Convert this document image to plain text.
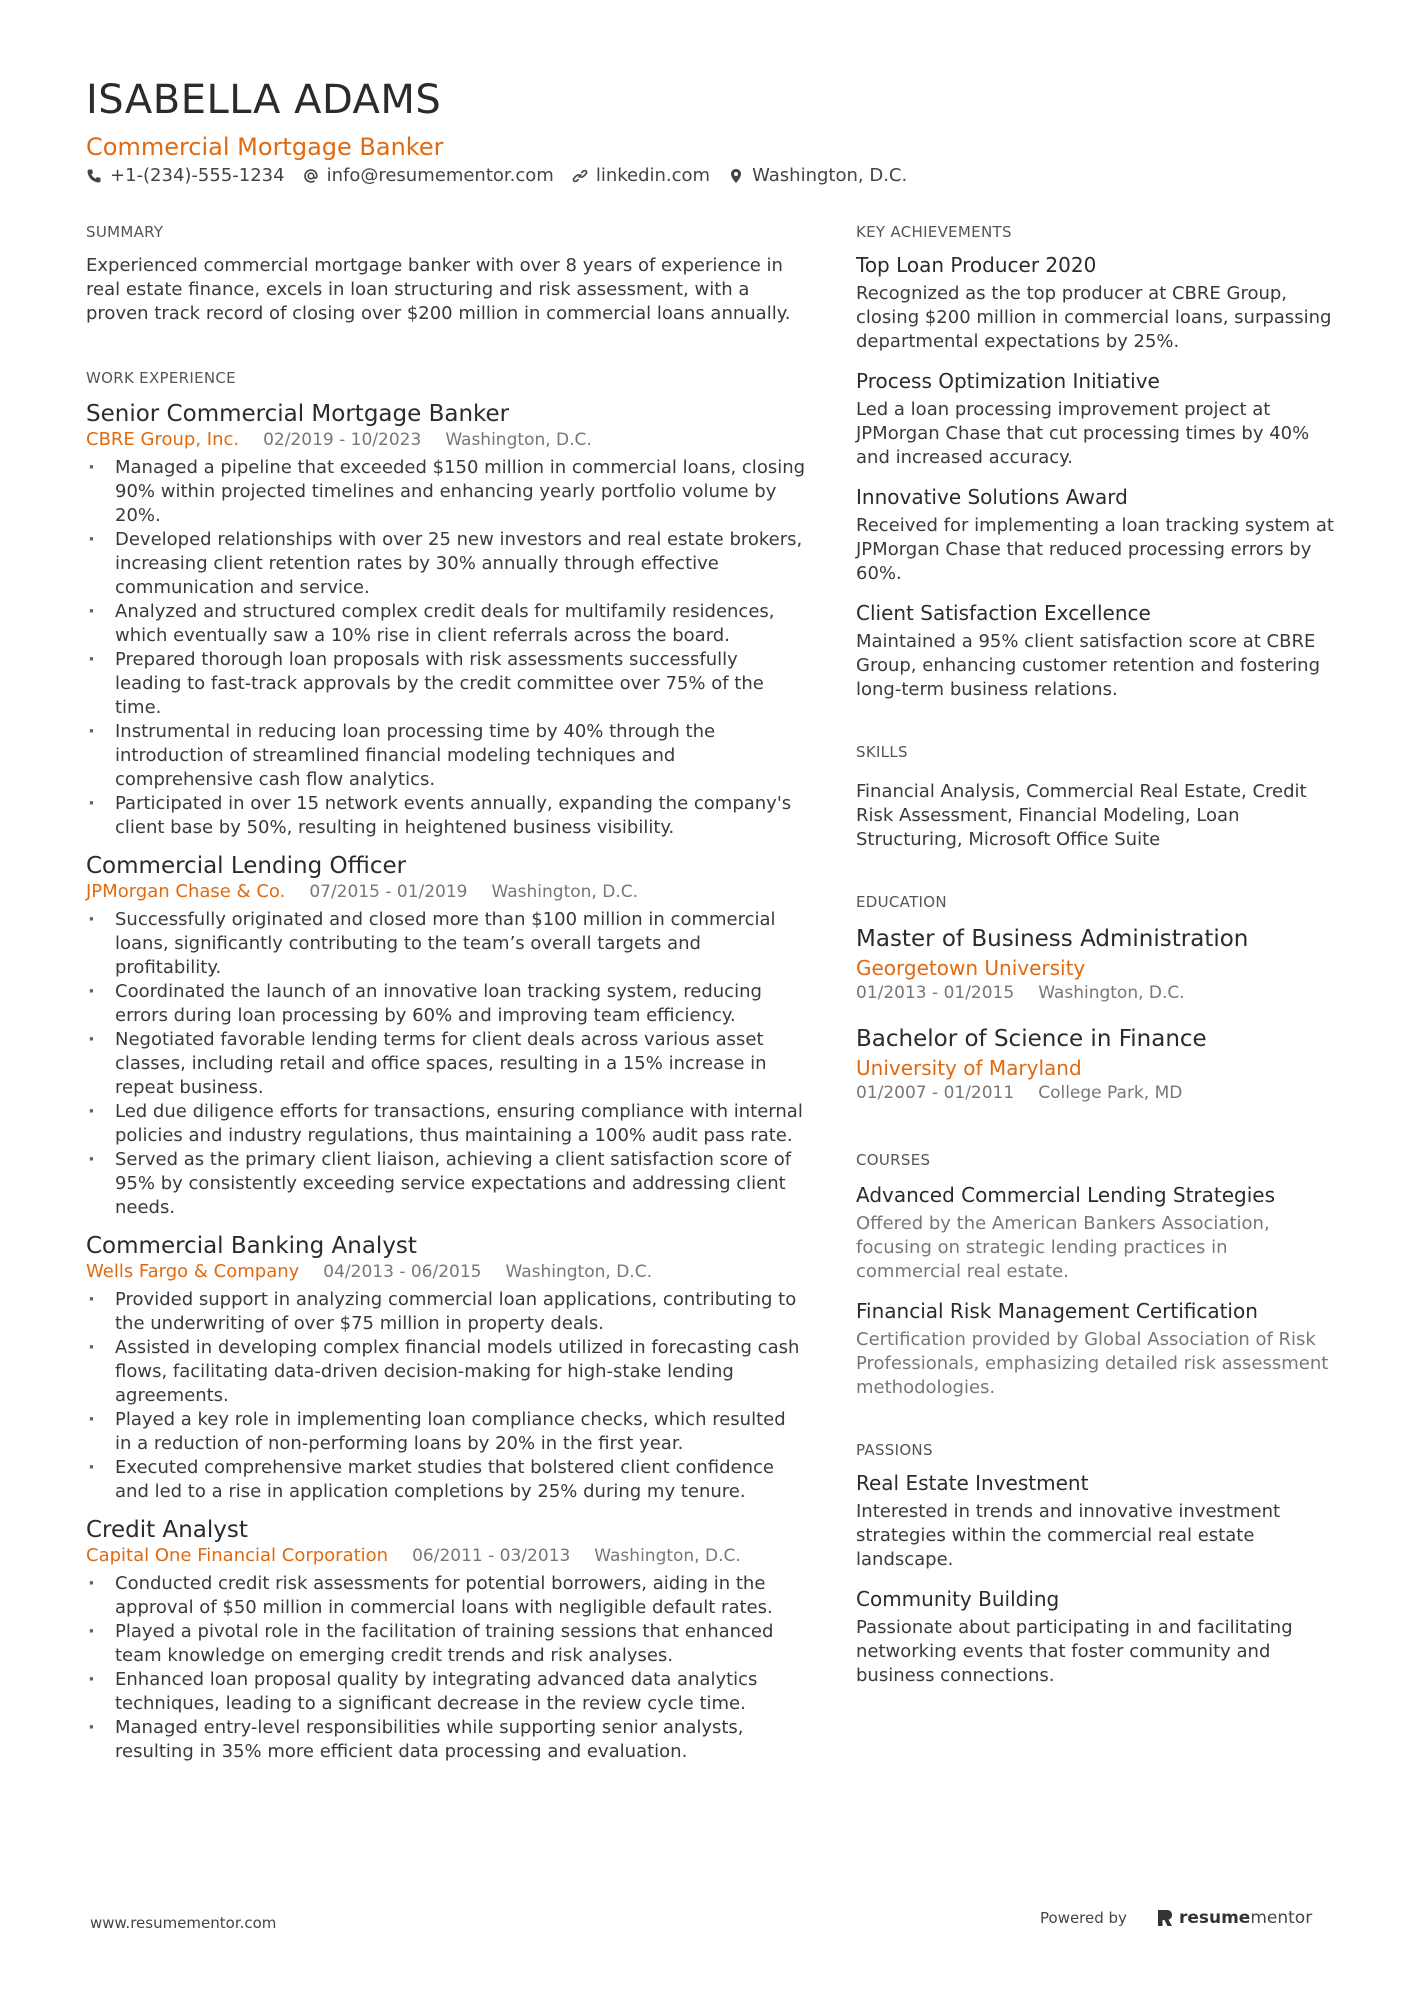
ISABELLA ADAMS
Commercial Mortgage Banker
+1-(234)-555-1234 info@resumementor.com linkedin.com Washington, D.C.
SUMMARY
Experienced commercial mortgage banker with over 8 years of experience in real estate finance, excels in loan structuring and risk assessment, with a proven track record of closing over $200 million in commercial loans annually.
WORK EXPERIENCE
Senior Commercial Mortgage Banker
CBRE Group, Inc. 02/2019 - 10/2023 Washington, D.C.
· Managed a pipeline that exceeded $150 million in commercial loans, closing 90% within projected timelines and enhancing yearly portfolio volume by 20%.
· Developed relationships with over 25 new investors and real estate brokers, increasing client retention rates by 30% annually through effective communication and service.
· Analyzed and structured complex credit deals for multifamily residences, which eventually saw a 10% rise in client referrals across the board.
· Prepared thorough loan proposals with risk assessments successfully leading to fast-track approvals by the credit committee over 75% of the time.
· Instrumental in reducing loan processing time by 40% through the introduction of streamlined financial modeling techniques and comprehensive cash flow analytics.
· Participated in over 15 network events annually, expanding the company's client base by 50%, resulting in heightened business visibility.
Commercial Lending Officer
JPMorgan Chase & Co. 07/2015 - 01/2019 Washington, D.C.
· Successfully originated and closed more than $100 million in commercial loans, significantly contributing to the team’s overall targets and profitability.
· Coordinated the launch of an innovative loan tracking system, reducing errors during loan processing by 60% and improving team efficiency.
· Negotiated favorable lending terms for client deals across various asset classes, including retail and office spaces, resulting in a 15% increase in repeat business.
· Led due diligence efforts for transactions, ensuring compliance with internal policies and industry regulations, thus maintaining a 100% audit pass rate.
· Served as the primary client liaison, achieving a client satisfaction score of 95% by consistently exceeding service expectations and addressing client needs.
Commercial Banking Analyst
Wells Fargo & Company 04/2013 - 06/2015 Washington, D.C.
· Provided support in analyzing commercial loan applications, contributing to the underwriting of over $75 million in property deals.
· Assisted in developing complex financial models utilized in forecasting cash flows, facilitating data-driven decision-making for high-stake lending agreements.
· Played a key role in implementing loan compliance checks, which resulted in a reduction of non-performing loans by 20% in the first year.
· Executed comprehensive market studies that bolstered client confidence and led to a rise in application completions by 25% during my tenure.
Credit Analyst
Capital One Financial Corporation 06/2011 - 03/2013 Washington, D.C.
· Conducted credit risk assessments for potential borrowers, aiding in the approval of $50 million in commercial loans with negligible default rates.
· Played a pivotal role in the facilitation of training sessions that enhanced team knowledge on emerging credit trends and risk analyses.
· Enhanced loan proposal quality by integrating advanced data analytics techniques, leading to a significant decrease in the review cycle time.
· Managed entry-level responsibilities while supporting senior analysts, resulting in 35% more efficient data processing and evaluation.
KEY ACHIEVEMENTS
Top Loan Producer 2020
Recognized as the top producer at CBRE Group, closing $200 million in commercial loans, surpassing departmental expectations by 25%.
Process Optimization Initiative
Led a loan processing improvement project at JPMorgan Chase that cut processing times by 40% and increased accuracy.
Innovative Solutions Award
Received for implementing a loan tracking system at JPMorgan Chase that reduced processing errors by 60%.
Client Satisfaction Excellence
Maintained a 95% client satisfaction score at CBRE Group, enhancing customer retention and fostering long-term business relations.
SKILLS
Financial Analysis, Commercial Real Estate, Credit Risk Assessment, Financial Modeling, Loan Structuring, Microsoft Office Suite
EDUCATION
Master of Business Administration
Georgetown University
01/2013 - 01/2015 Washington, D.C.
Bachelor of Science in Finance
University of Maryland
01/2007 - 01/2011 College Park, MD
COURSES
Advanced Commercial Lending Strategies
Offered by the American Bankers Association, focusing on strategic lending practices in commercial real estate.
Financial Risk Management Certification
Certification provided by Global Association of Risk Professionals, emphasizing detailed risk assessment methodologies.
PASSIONS
Real Estate Investment
Interested in trends and innovative investment strategies within the commercial real estate landscape.
Community Building
Passionate about participating in and facilitating networking events that foster community and business connections.
www.resumementor.com	Powered by	resume mentor
